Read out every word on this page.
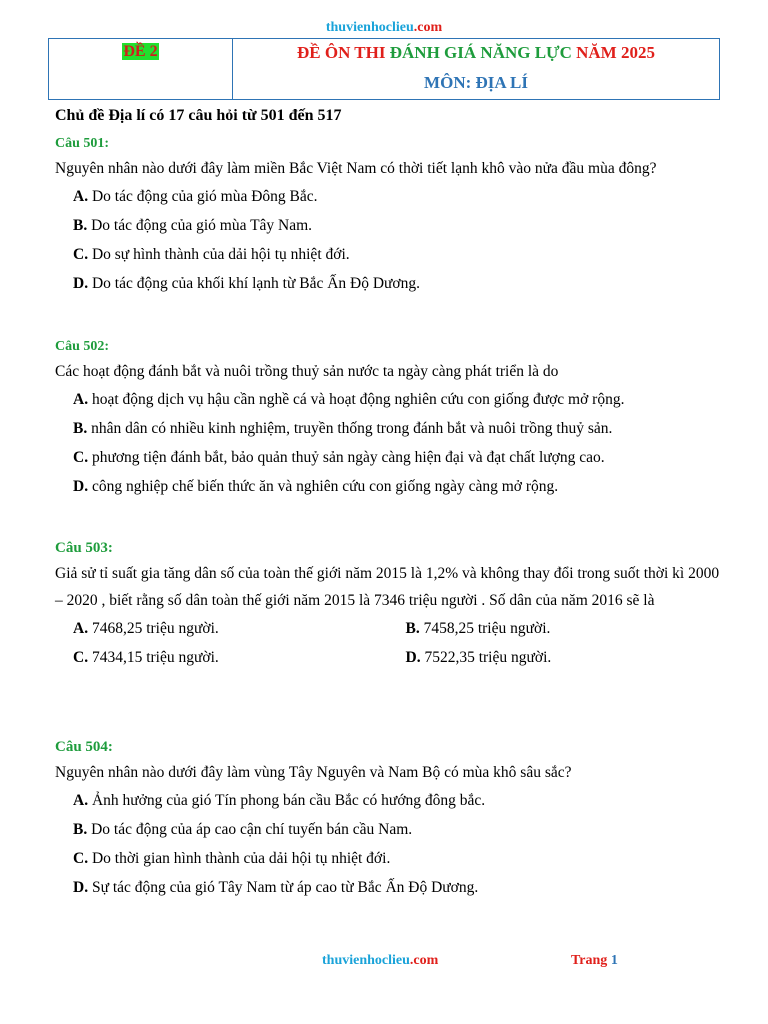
thuvienhoclieu.com
ĐỀ 2	ĐỀ ÔN THI ĐÁNH GIÁ NĂNG LỰC NĂM 2025
MÔN: ĐỊA LÍ
Chủ đề Địa lí có 17 câu hỏi từ 501 đến 517
Câu 501:
Nguyên nhân nào dưới đây làm miền Bắc Việt Nam có thời tiết lạnh khô vào nửa đầu mùa đông?
A. Do tác động của gió mùa Đông Bắc.
B. Do tác động của gió mùa Tây Nam.
C. Do sự hình thành của dải hội tụ nhiệt đới.
D. Do tác động của khối khí lạnh từ Bắc Ấn Độ Dương.
Câu 502:
Các hoạt động đánh bắt và nuôi trồng thuỷ sản nước ta ngày càng phát triển là do
A. hoạt động dịch vụ hậu cần nghề cá và hoạt động nghiên cứu con giống được mở rộng.
B. nhân dân có nhiều kinh nghiệm, truyền thống trong đánh bắt và nuôi trồng thuỷ sản.
C. phương tiện đánh bắt, bảo quản thuỷ sản ngày càng hiện đại và đạt chất lượng cao.
D. công nghiệp chế biến thức ăn và nghiên cứu con giống ngày càng mở rộng.
Câu 503:
Giả sử tỉ suất gia tăng dân số của toàn thế giới năm 2015 là 1,2% và không thay đổi trong suốt thời kì 2000 – 2020 , biết rằng số dân toàn thế giới năm 2015 là 7346 triệu người . Số dân của năm 2016 sẽ là
A. 7468,25 triệu người.	B. 7458,25 triệu người.
C. 7434,15 triệu người.	D. 7522,35 triệu người.
Câu 504:
Nguyên nhân nào dưới đây làm vùng Tây Nguyên và Nam Bộ có mùa khô sâu sắc?
A. Ảnh hưởng của gió Tín phong bán cầu Bắc có hướng đông bắc.
B. Do tác động của áp cao cận chí tuyến bán cầu Nam.
C. Do thời gian hình thành của dải hội tụ nhiệt đới.
D. Sự tác động của gió Tây Nam từ áp cao từ Bắc Ấn Độ Dương.
thuvienhoclieu.com	Trang 1
